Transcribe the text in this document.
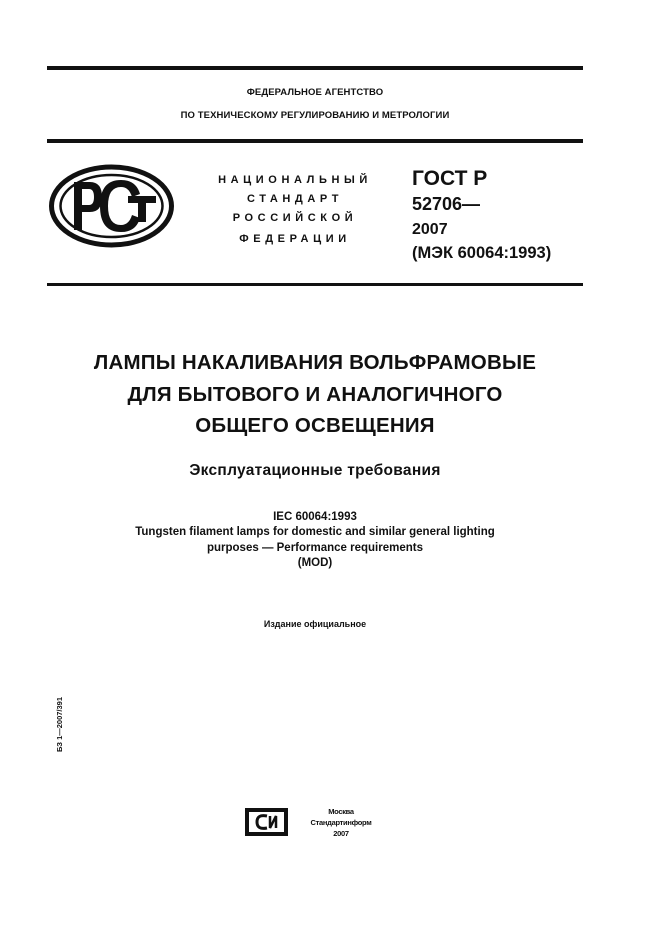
ФЕДЕРАЛЬНОЕ АГЕНТСТВО
ПО ТЕХНИЧЕСКОМУ РЕГУЛИРОВАНИЮ И МЕТРОЛОГИИ
НАЦИОНАЛЬНЫЙ
СТАНДАРТ
РОССИЙСКОЙ
ФЕДЕРАЦИИ
ГОСТ Р
52706—
2007
(МЭК 60064:1993)
ЛАМПЫ НАКАЛИВАНИЯ ВОЛЬФРАМОВЫЕ
ДЛЯ БЫТОВОГО И АНАЛОГИЧНОГО
ОБЩЕГО ОСВЕЩЕНИЯ
Эксплуатационные требования
IEC 60064:1993
Tungsten filament lamps for domestic and similar general lighting
purposes — Performance requirements
(MOD)
Издание официальное
БЗ 1—2007/391
Москва
Стандартинформ
2007
